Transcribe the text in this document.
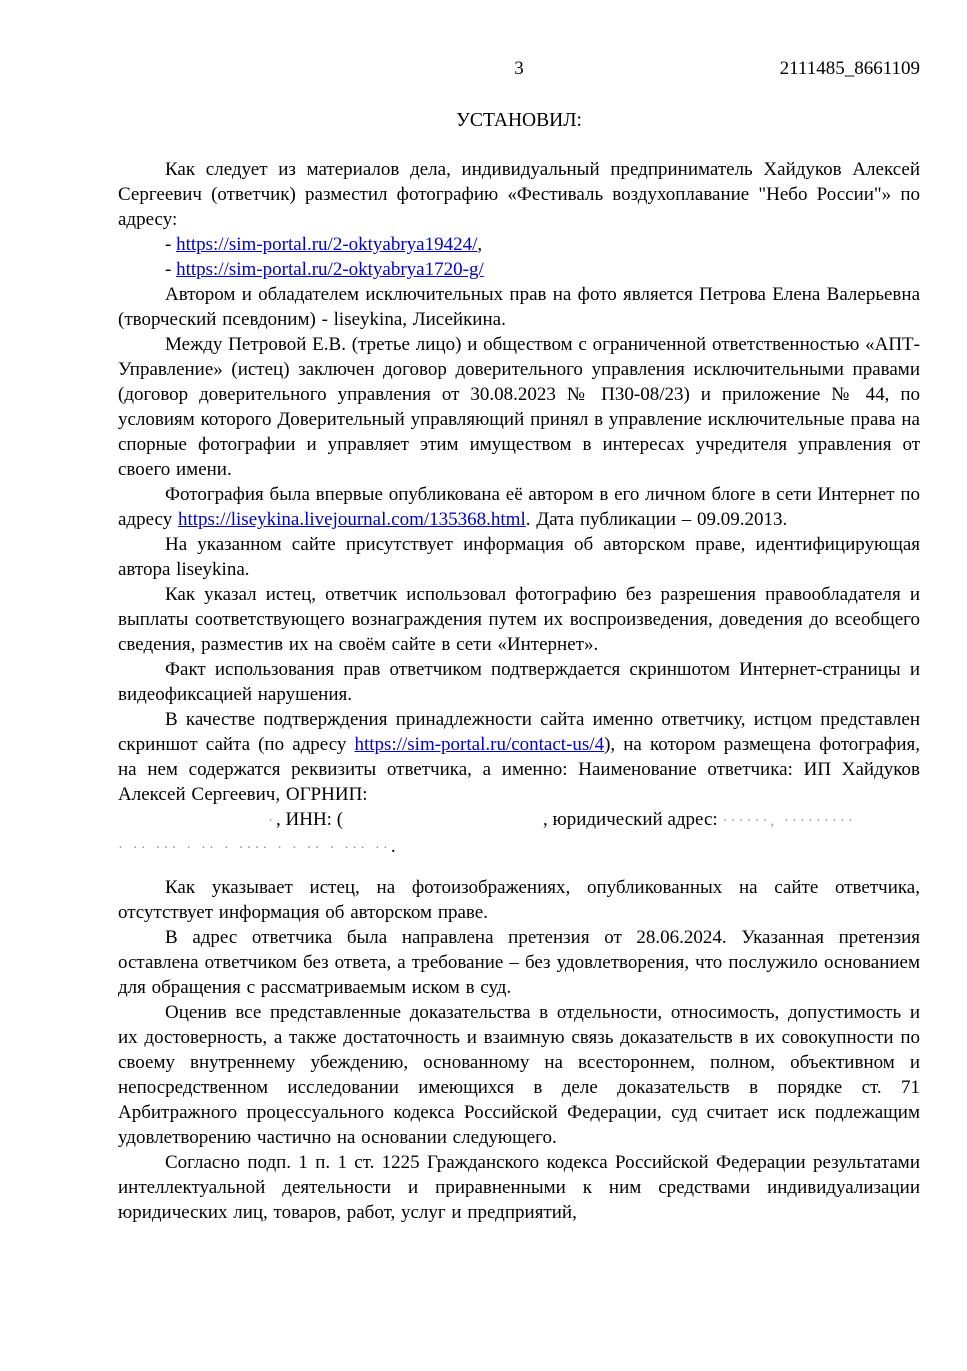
3	2111485_8661109
УСТАНОВИЛ:

Как следует из материалов дела, индивидуальный предприниматель Хайдуков Алексей Сергеевич (ответчик) разместил фотографию «Фестиваль воздухоплавание "Небо России"» по адресу:

- https://sim-portal.ru/2-oktyabrya19424/,

- https://sim-portal.ru/2-oktyabrya1720-g/

Автором и обладателем исключительных прав на фото является Петрова Елена Валерьевна (творческий псевдоним) - liseykina, Лисейкина.

Между Петровой Е.В. (третье лицо) и обществом с ограниченной ответственностью «АПТ-Управление» (истец) заключен договор доверительного управления исключительными правами (договор доверительного управления от 30.08.2023 № П30-08/23) и приложение № 44, по условиям которого Доверительный управляющий принял в управление исключительные права на спорные фотографии и управляет этим имуществом в интересах учредителя управления от своего имени.

Фотография была впервые опубликована её автором в его личном блоге в сети Интернет по адресу https://liseykina.livejournal.com/135368.html. Дата публикации – 09.09.2013.

На указанном сайте присутствует информация об авторском праве, идентифицирующая автора liseykina.

Как указал истец, ответчик использовал фотографию без разрешения правообладателя и выплаты соответствующего вознаграждения путем их воспроизведения, доведения до всеобщего сведения, разместив их на своём сайте в сети «Интернет».

Факт использования прав ответчиком подтверждается скриншотом Интернет-страницы и видеофиксацией нарушения.

В качестве подтверждения принадлежности сайта именно ответчику, истцом представлен скриншот сайта (по адресу https://sim-portal.ru/contact-us/4), на котором размещена фотография, на нем содержатся реквизиты ответчика, а именно: Наименование ответчика: ИП Хайдуков Алексей Сергеевич, ОГРНИП:

·, ИНН: (	, юридический адрес: ······, ·········

· ·· ··· · ·· · ···· · · ·· · ··· ··.

Как указывает истец, на фотоизображениях, опубликованных на сайте ответчика, отсутствует информация об авторском праве.

В адрес ответчика была направлена претензия от 28.06.2024. Указанная претензия оставлена ответчиком без ответа, а требование – без удовлетворения, что послужило основанием для обращения с рассматриваемым иском в суд.

Оценив все представленные доказательства в отдельности, относимость, допустимость и их достоверность, а также достаточность и взаимную связь доказательств в их совокупности по своему внутреннему убеждению, основанному на всестороннем, полном, объективном и непосредственном исследовании имеющихся в деле доказательств в порядке ст. 71 Арбитражного процессуального кодекса Российской Федерации, суд считает иск подлежащим удовлетворению частично на основании следующего.

Согласно подп. 1 п. 1 ст. 1225 Гражданского кодекса Российской Федерации результатами интеллектуальной деятельности и приравненными к ним средствами индивидуализации юридических лиц, товаров, работ, услуг и предприятий,
